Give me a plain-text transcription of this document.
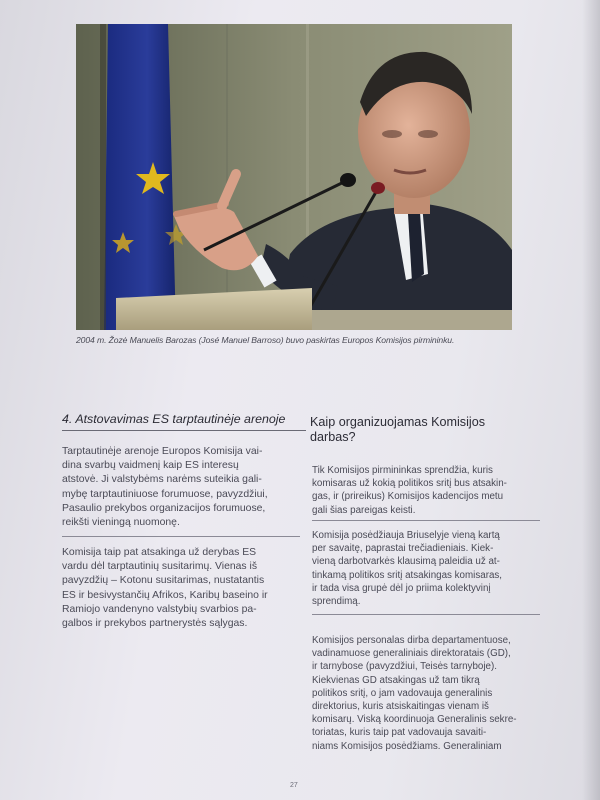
2004 m. Žozė Manuelis Barozas (José Manuel Barroso) buvo paskirtas Europos Komisijos pirmininku.
4. Atstovavimas ES tarptautinėje arenoje
Tarptautinėje arenoje Europos Komisija vai-
dina svarbų vaidmenį kaip ES interesų
atstovė. Ji valstybėms narėms suteikia gali-
mybę tarptautiniuose forumuose, pavyzdžiui,
Pasaulio prekybos organizacijos forumuose,
reikšti vieningą nuomonę.
Komisija taip pat atsakinga už derybas ES
vardu dėl tarptautinių susitarimų. Vienas iš
pavyzdžių – Kotonu susitarimas, nustatantis
ES ir besivystančių Afrikos, Karibų baseino ir
Ramiojo vandenyno valstybių svarbios pa-
galbos ir prekybos partnerystės sąlygas.
Kaip organizuojamas Komisijos
darbas?
Tik Komisijos pirmininkas sprendžia, kuris
komisaras už kokią politikos sritį bus atsakin-
gas, ir (prireikus) Komisijos kadencijos metu
gali šias pareigas keisti.
Komisija posėdžiauja Briuselyje vieną kartą
per savaitę, paprastai trečiadieniais. Kiek-
vieną darbotvarkės klausimą paleidia už at-
tinkamą politikos sritį atsakingas komisaras,
ir tada visa grupė dėl jo priima kolektyvinį
sprendimą.
Komisijos personalas dirba departamentuose,
vadinamuose generaliniais direktoratais (GD),
ir tarnybose (pavyzdžiui, Teisės tarnyboje).
Kiekvienas GD atsakingas už tam tikrą
politikos sritį, o jam vadovauja generalinis
direktorius, kuris atsiskaitingas vienam iš
komisarų. Viską koordinuoja Generalinis sekre-
toriatas, kuris taip pat vadovauja savaiti-
niams Komisijos posėdžiams. Generaliniam
27
